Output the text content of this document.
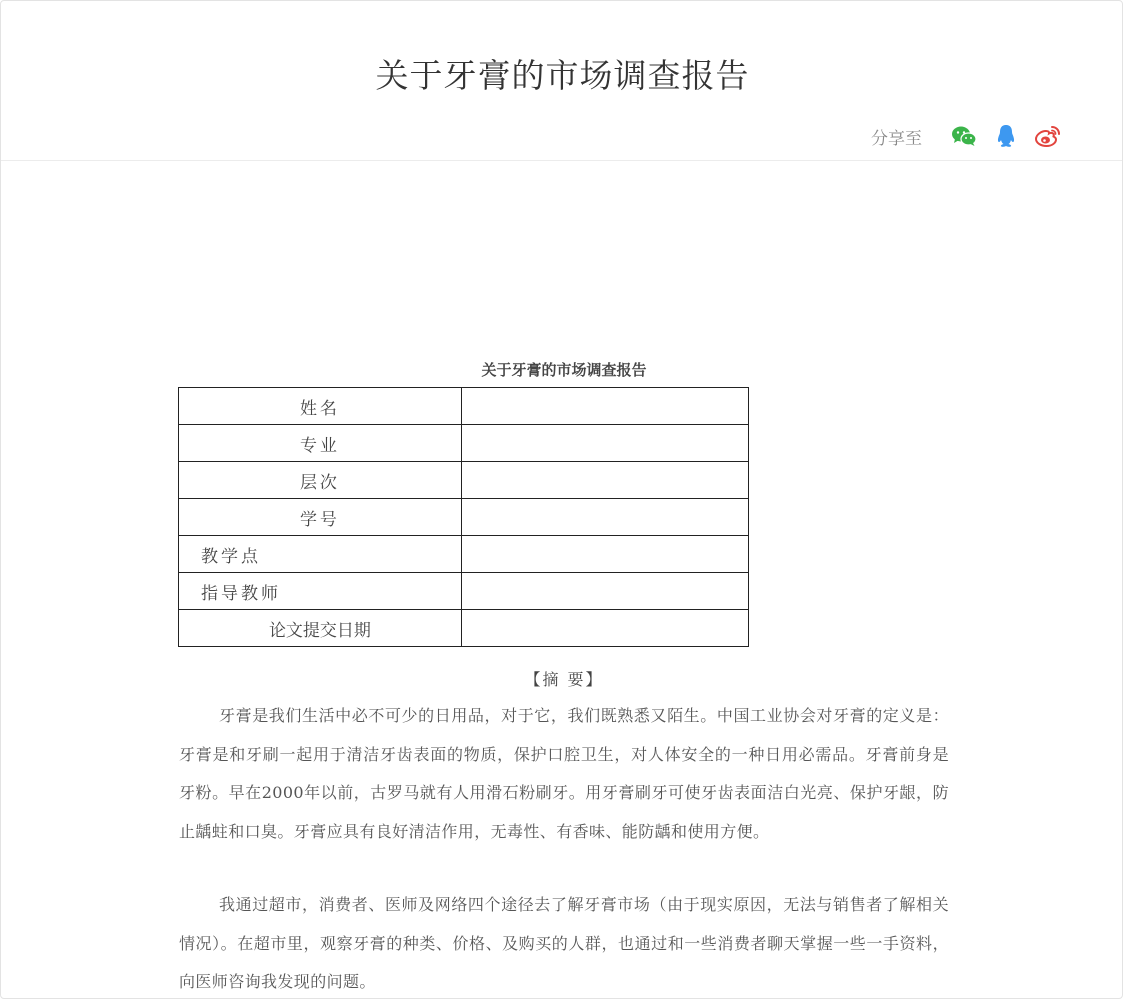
关于牙膏的市场调查报告
分享至
关于牙膏的市场调查报告
姓名	
专业	
层次	
学号	
教学点	
指导教师	
论文提交日期	
【摘 要】

牙膏是我们生活中必不可少的日用品，对于它，我们既熟悉又陌生。中国工业协会对牙膏的定义是：牙膏是和牙刷一起用于清洁牙齿表面的物质，保护口腔卫生，对人体安全的一种日用必需品。牙膏前身是牙粉。早在2000年以前，古罗马就有人用滑石粉刷牙。用牙膏刷牙可使牙齿表面洁白光亮、保护牙龈，防止龋蛀和口臭。牙膏应具有良好清洁作用，无毒性、有香味、能防龋和使用方便。

我通过超市，消费者、医师及网络四个途径去了解牙膏市场（由于现实原因，无法与销售者了解相关情况）。在超市里，观察牙膏的种类、价格、及购买的人群，也通过和一些消费者聊天掌握一些一手资料，向医师咨询我发现的问题。
